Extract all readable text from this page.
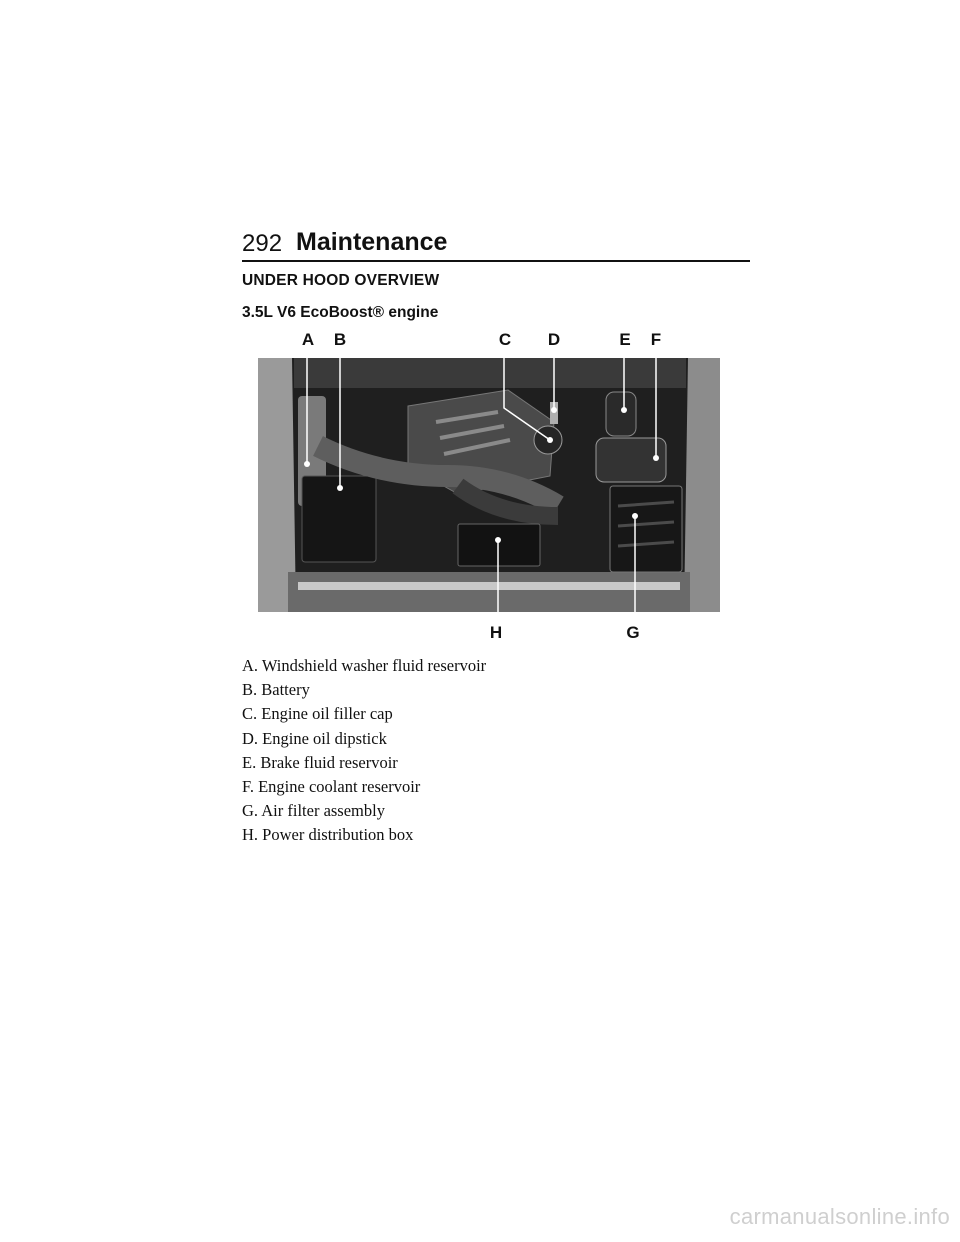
292 Maintenance
UNDER HOOD OVERVIEW
3.5L V6 EcoBoost® engine
A B	C D	E F
G
H
A. Windshield washer fluid reservoir
B. Battery
C. Engine oil filler cap
D. Engine oil dipstick
E. Brake fluid reservoir
F. Engine coolant reservoir
G. Air filter assembly
H. Power distribution box
carmanualsonline.info
